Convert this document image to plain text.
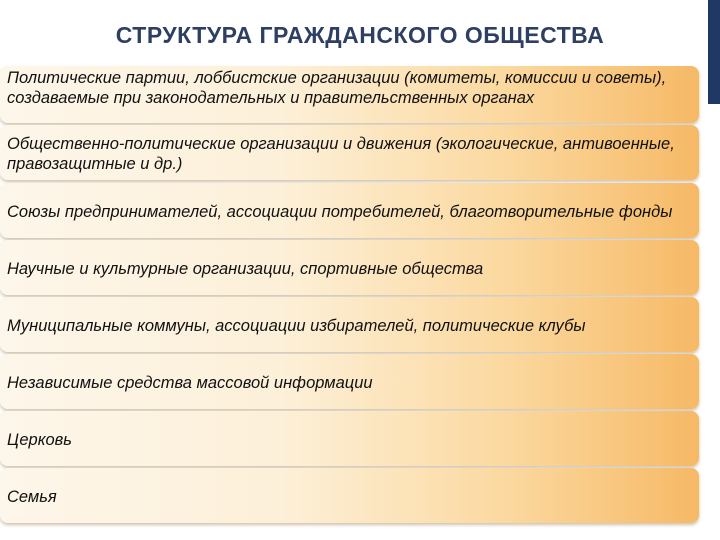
СТРУКТУРА ГРАЖДАНСКОГО ОБЩЕСТВА
Политические партии, лоббистские организации (комитеты, комиссии и советы), создаваемые при законодательных и правительственных органах
Общественно-политические организации и движения (экологические, антивоенные, правозащитные и др.)
Союзы предпринимателей, ассоциации потребителей, благотворительные фонды
Научные и культурные организации, спортивные общества
Муниципальные коммуны, ассоциации избирателей, политические клубы
Независимые средства массовой информации
Церковь
Семья
